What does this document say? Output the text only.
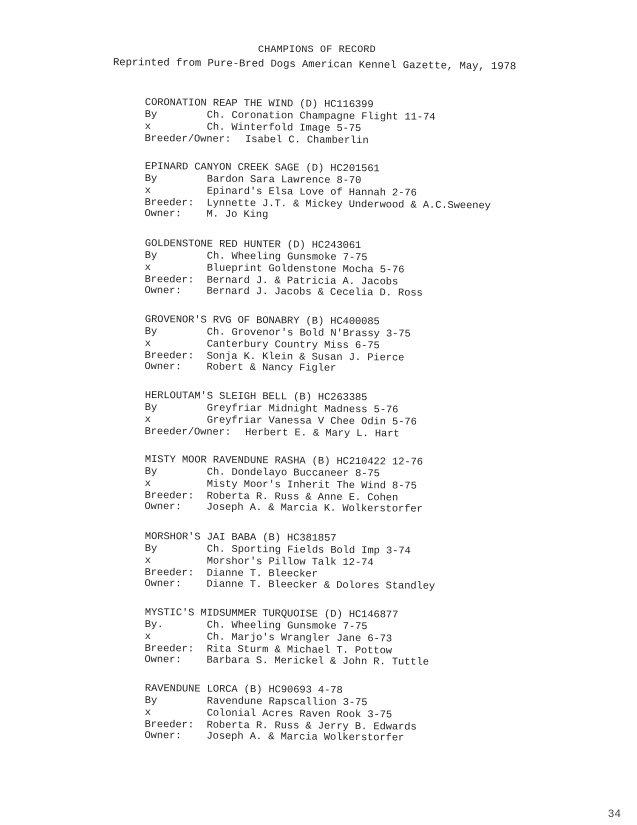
CHAMPIONS OF RECORD
Reprinted from Pure-Bred Dogs American Kennel Gazette, May, 1978
CORONATION REAP THE WIND (D) HC116399
By	Ch. Coronation Champagne Flight 11-74
x	Ch. Winterfold Image 5-75
Breeder/Owner: Isabel C. Chamberlin
EPINARD CANYON CREEK SAGE (D) HC201561
By	Bardon Sara Lawrence 8-70
x	Epinard's Elsa Love of Hannah 2-76
Breeder:	Lynnette J.T. & Mickey Underwood & A.C.Sweeney
Owner:	M. Jo King
GOLDENSTONE RED HUNTER (D) HC243061
By	Ch. Wheeling Gunsmoke 7-75
x	Blueprint Goldenstone Mocha 5-76
Breeder:	Bernard J. & Patricia A. Jacobs
Owner:	Bernard J. Jacobs & Cecelia D. Ross
GROVENOR'S RVG OF BONABRY (B) HC400085
By	Ch. Grovenor's Bold N'Brassy 3-75
x	Canterbury Country Miss 6-75
Breeder:	Sonja K. Klein & Susan J. Pierce
Owner:	Robert & Nancy Figler
HERLOUTAM'S SLEIGH BELL (B) HC263385
By	Greyfriar Midnight Madness 5-76
x	Greyfriar Vanessa V Chee Odin 5-76
Breeder/Owner: Herbert E. & Mary L. Hart
MISTY MOOR RAVENDUNE RASHA (B) HC210422 12-76
By	Ch. Dondelayo Buccaneer 8-75
x	Misty Moor's Inherit The Wind 8-75
Breeder:	Roberta R. Russ & Anne E. Cohen
Owner:	Joseph A. & Marcia K. Wolkerstorfer
MORSHOR'S JAI BABA (B) HC381857
By	Ch. Sporting Fields Bold Imp 3-74
x	Morshor's Pillow Talk 12-74
Breeder:	Dianne T. Bleecker
Owner:	Dianne T. Bleecker & Dolores Standley
MYSTIC'S MIDSUMMER TURQUOISE (D) HC146877
By.	Ch. Wheeling Gunsmoke 7-75
x	Ch. Marjo's Wrangler Jane 6-73
Breeder:	Rita Sturm & Michael T. Pottow
Owner:	Barbara S. Merickel & John R. Tuttle
RAVENDUNE LORCA (B) HC90693 4-78
By	Ravendune Rapscallion 3-75
x	Colonial Acres Raven Rook 3-75
Breeder:	Roberta R. Russ & Jerry B. Edwards
Owner:	Joseph A. & Marcia Wolkerstorfer
34
